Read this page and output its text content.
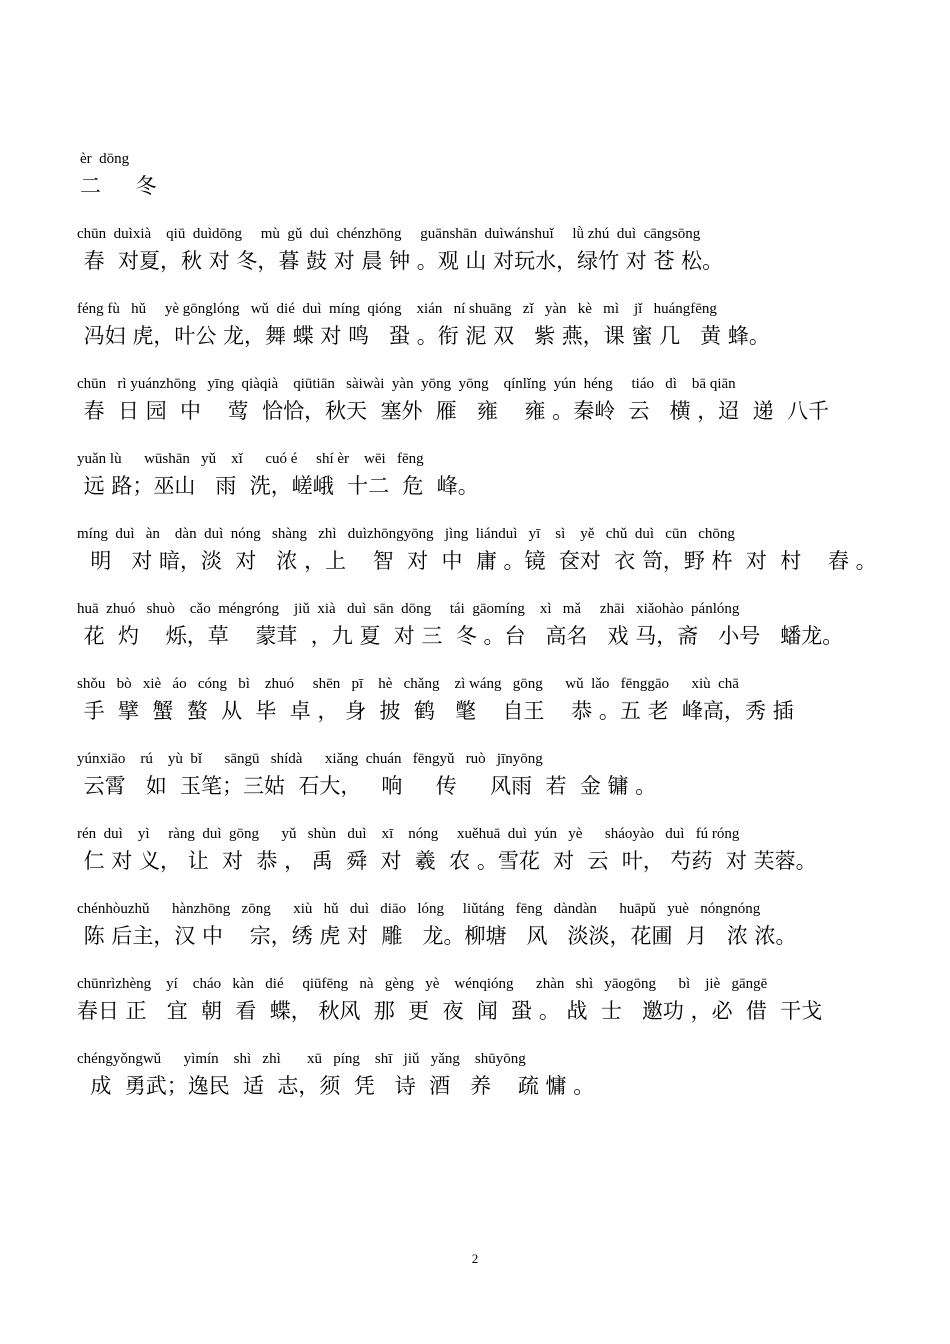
èr  dōng
二 冬
chūn  duìxià    qiū  duìdōng     mù  gǔ  duì  chénzhōng     guānshān  duìwánshuǐ     lǜ zhú  duì  cāngsōng
春  对夏，秋 对 冬，暮 鼓 对 晨 钟 。观 山 对玩水，绿竹 对 苍 松。
féng fù   hǔ     yè gōnglóng   wǔ  dié  duì  míng  qióng    xián   ní shuāng   zǐ   yàn   kè   mì    jǐ   huángfēng
冯妇 虎，叶公 龙，舞 蝶 对 鸣   蛩 。衔 泥 双   紫 燕，课 蜜 几   黄 蜂。
chūn   rì yuánzhōng   yīng  qiàqià    qiūtiān   sàiwài  yàn  yōng  yōng    qínlǐng  yún  héng     tiáo   dì    bā qiān
春  日 园  中    莺  恰恰，秋天  塞外  雁   雍    雍 。秦岭  云   横 ，迢  递  八千
yuǎn lù      wūshān   yǔ    xǐ      cuó é     shí èr    wēi   fēng
远 路；巫山   雨  洗，嵯峨  十二  危  峰。
míng  duì   àn    dàn  duì  nóng   shàng   zhì   duìzhōngyōng   jìng  liánduì   yī    sì    yě   chǔ  duì   cūn   chōng
明   对 暗，淡  对   浓 ，上    智  对  中  庸 。镜  奁对  衣 笥，野 杵  对  村    舂 。
huā  zhuó   shuò    cǎo  méngróng    jiǔ  xià   duì  sān  dōng     tái  gāomíng    xì   mǎ     zhāi   xiǎohào  pánlóng
花  灼    烁，草    蒙茸  ，九 夏  对 三  冬 。台   高名   戏 马，斋   小号   蟠龙。
shǒu   bò   xiè   áo   cóng   bì    zhuó     shēn   pī    hè   chǎng    zì wáng   gōng      wǔ  lǎo   fēnggāo      xiù  chā
手  擘  蟹  螯  从  毕  卓 ， 身  披  鹤   氅    自王    恭 。五 老  峰高，秀 插
yúnxiāo    rú    yù  bǐ      sāngū   shídà      xiǎng  chuán   fēngyǔ   ruò   jīnyōng
云霄   如  玉笔；三姑  石大，   响     传     风雨  若  金 镛 。
rén  duì    yì     ràng  duì  gōng      yǔ   shùn   duì    xī    nóng     xuěhuā  duì  yún   yè      sháoyào   duì   fú róng
仁 对 义， 让  对  恭 ， 禹  舜  对  羲  农 。雪花  对  云  叶， 芍药  对 芙蓉。
chénhòuzhǔ      hànzhōng   zōng      xiù   hǔ   duì   diāo   lóng     liǔtáng   fēng   dàndàn      huāpǔ   yuè   nóngnóng
陈 后主，汉 中    宗，绣 虎 对  雕   龙。柳塘   风   淡淡，花圃  月   浓 浓。
chūnrìzhèng    yí    cháo   kàn   dié     qiūfēng   nà   gèng   yè    wénqióng      zhàn   shì   yāogōng      bì    jiè   gāngē
春日 正   宜  朝  看  蝶， 秋风  那  更  夜  闻  蛩 。 战  士   邀功 ，必  借  干戈
chéngyǒngwǔ      yìmín    shì   zhì       xū   píng    shī   jiǔ   yǎng    shūyōng
成  勇武；逸民  适  志，须  凭   诗  酒   养    疏 慵 。
2
